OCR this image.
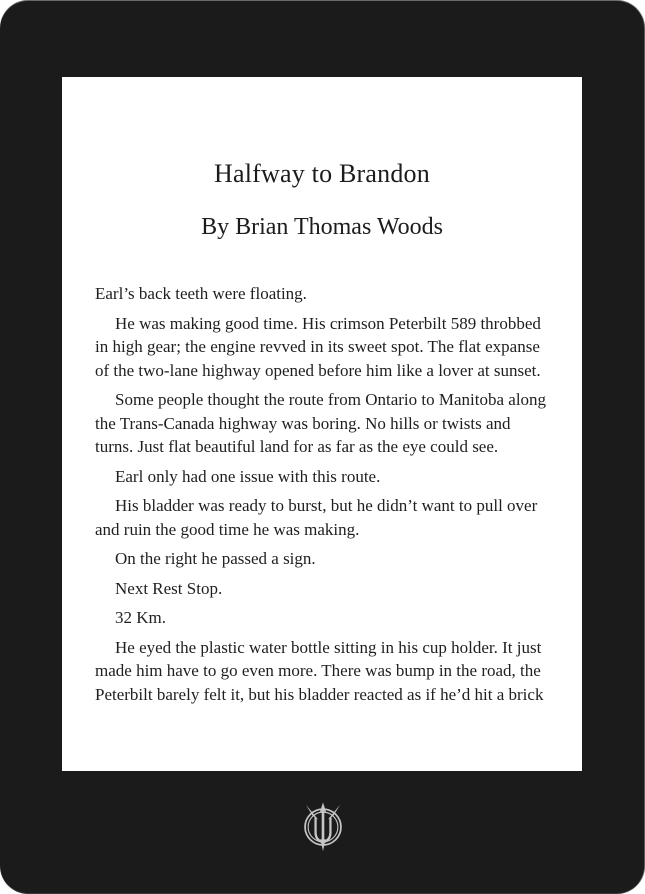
Halfway to Brandon
By Brian Thomas Woods

Earl’s back teeth were floating.

He was making good time. His crimson Peterbilt 589 throbbed in high gear; the engine revved in its sweet spot. The flat expanse of the two-lane highway opened before him like a lover at sunset.

Some people thought the route from Ontario to Manitoba along the Trans-Canada highway was boring. No hills or twists and turns. Just flat beautiful land for as far as the eye could see.

Earl only had one issue with this route.

His bladder was ready to burst, but he didn’t want to pull over and ruin the good time he was making.

On the right he passed a sign.

Next Rest Stop.

32 Km.

He eyed the plastic water bottle sitting in his cup holder. It just made him have to go even more. There was bump in the road, the Peterbilt barely felt it, but his bladder reacted as if he’d hit a brick
